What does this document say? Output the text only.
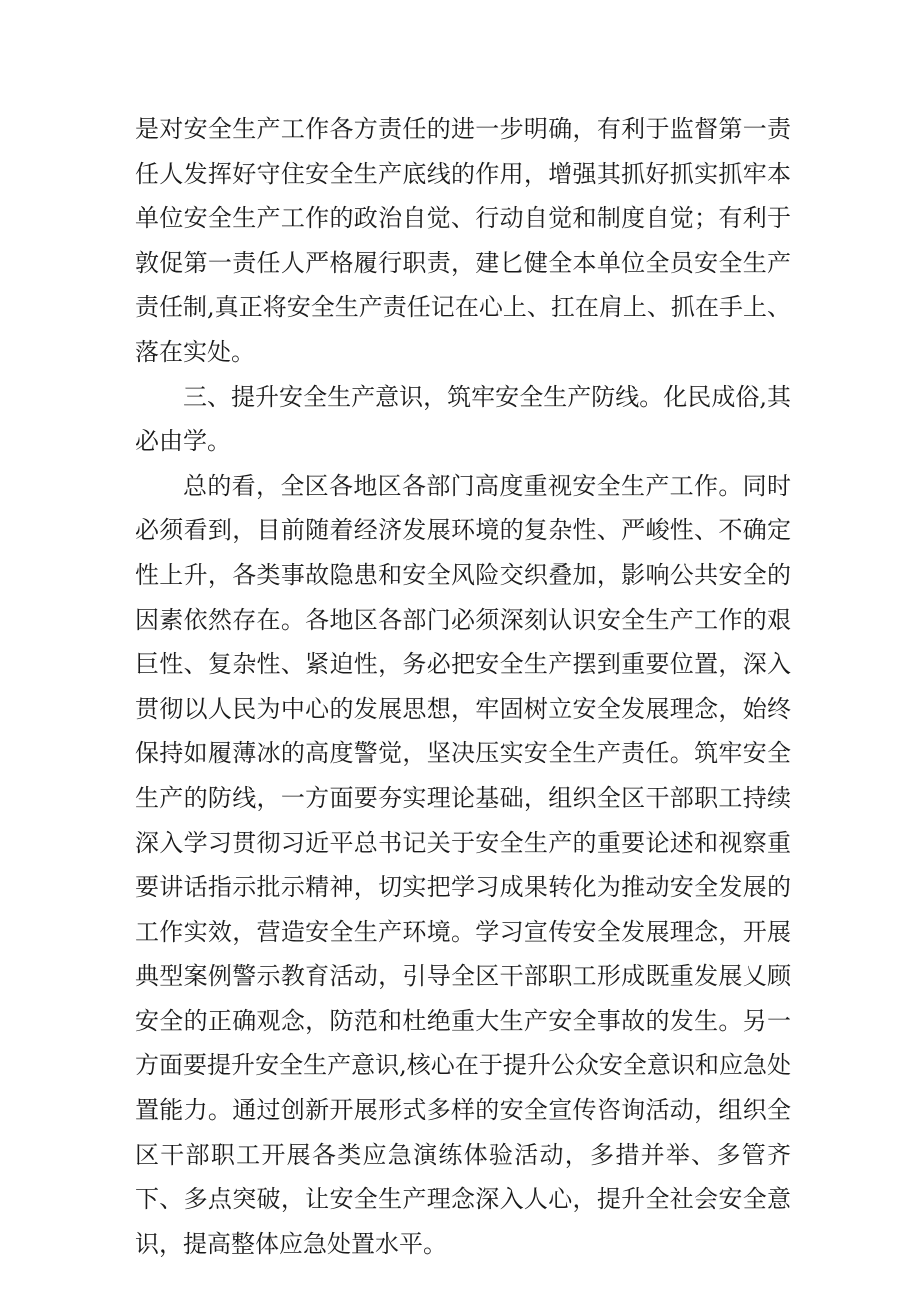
是对安全生产工作各方责任的进一步明确，有利于监督第一责任人发挥好守住安全生产底线的作用，增强其抓好抓实抓牢本单位安全生产工作的政治自觉、行动自觉和制度自觉；有利于敦促第一责任人严格履行职责，建匕健全本单位全员安全生产责任制,真正将安全生产责任记在心上、扛在肩上、抓在手上、落在实处。

三、提升安全生产意识，筑牢安全生产防线。化民成俗,其必由学。

总的看，全区各地区各部门高度重视安全生产工作。同时必须看到，目前随着经济发展环境的复杂性、严峻性、不确定性上升，各类事故隐患和安全风险交织叠加，影响公共安全的因素依然存在。各地区各部门必须深刻认识安全生产工作的艰巨性、复杂性、紧迫性，务必把安全生产摆到重要位置，深入贯彻以人民为中心的发展思想，牢固树立安全发展理念，始终保持如履薄冰的高度警觉，坚决压实安全生产责任。筑牢安全生产的防线，一方面要夯实理论基础，组织全区干部职工持续深入学习贯彻习近平总书记关于安全生产的重要论述和视察重要讲话指示批示精神，切实把学习成果转化为推动安全发展的工作实效，营造安全生产环境。学习宣传安全发展理念，开展典型案例警示教育活动，引导全区干部职工形成既重发展乂顾安全的正确观念，防范和杜绝重大生产安全事故的发生。另一方面要提升安全生产意识,核心在于提升公众安全意识和应急处置能力。通过创新开展形式多样的安全宣传咨询活动，组织全区干部职工开展各类应急演练体验活动，多措并举、多管齐下、多点突破，让安全生产理念深入人心，提升全社会安全意识，提高整体应急处置水平。
